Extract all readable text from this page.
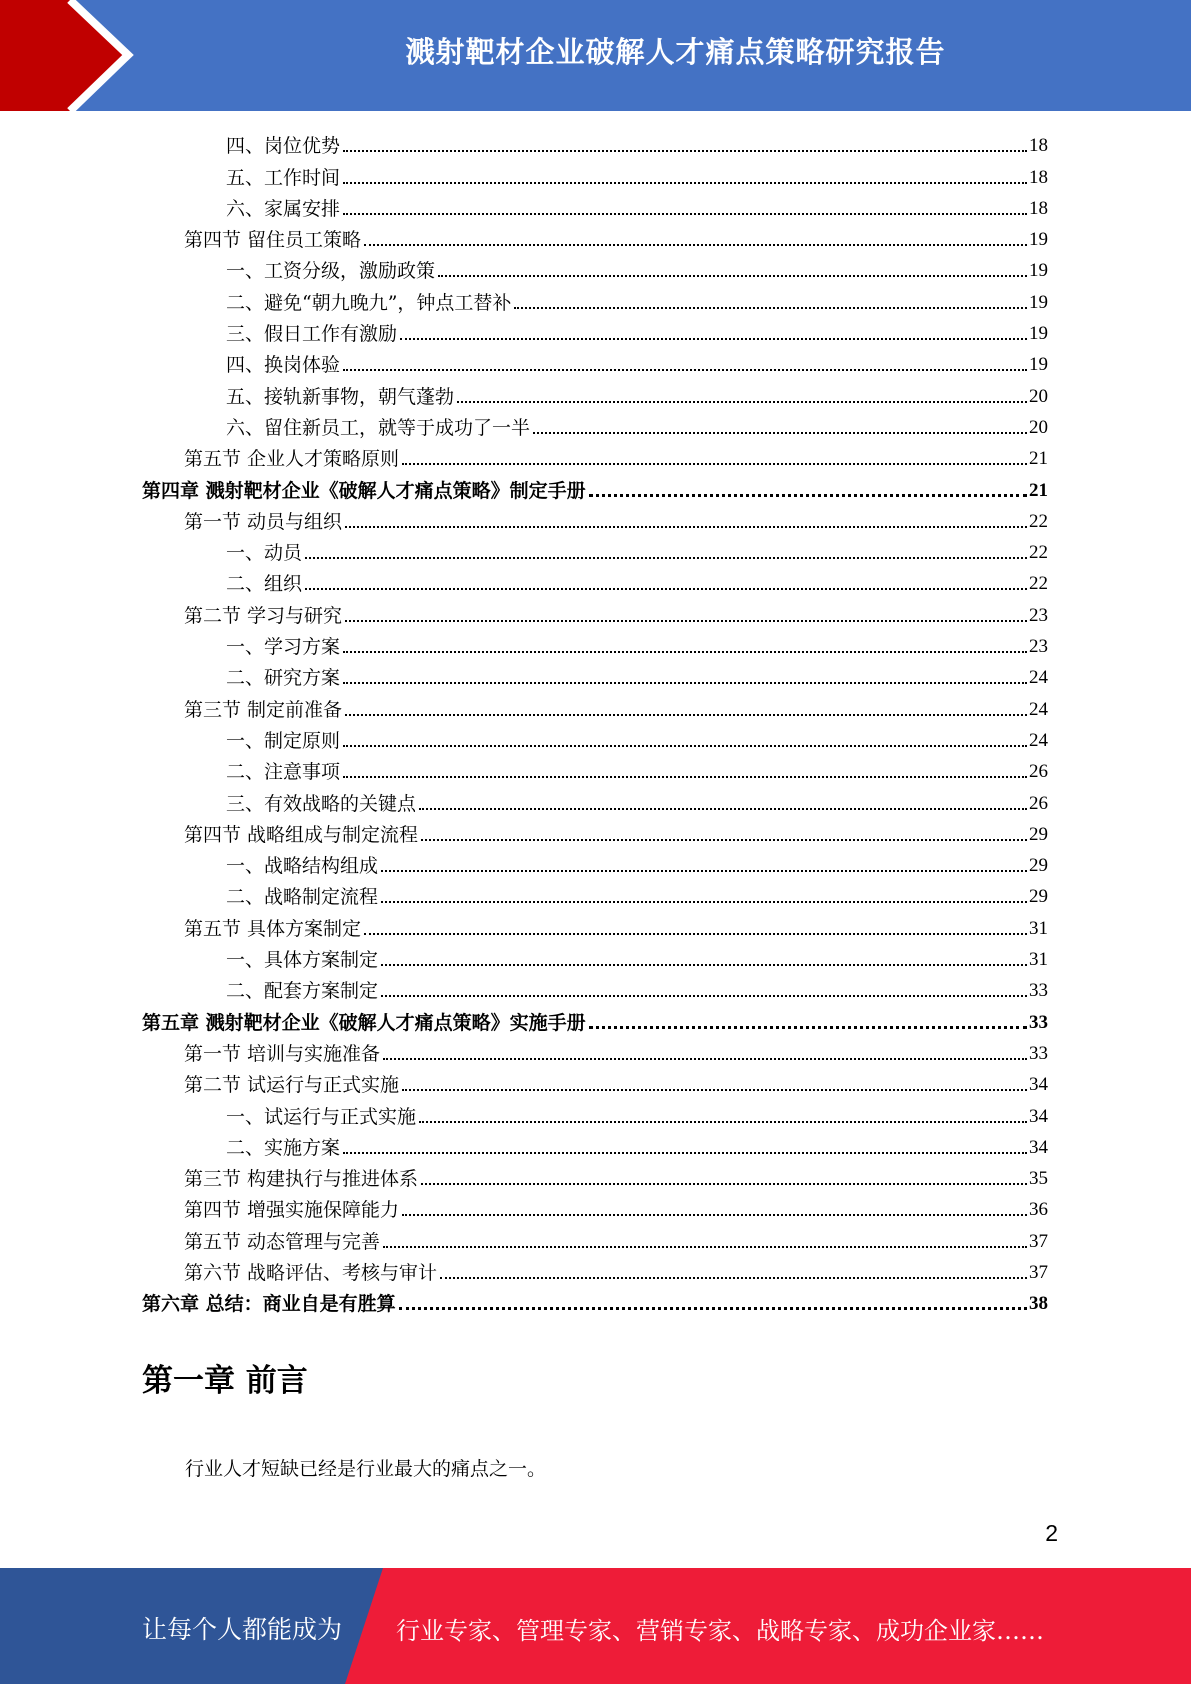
溅射靶材企业破解人才痛点策略研究报告
四、岗位优势	18
五、工作时间	18
六、家属安排	18
第四节 留住员工策略	19
一、工资分级，激励政策	19
二、避免“朝九晚九”，钟点工替补	19
三、假日工作有激励	19
四、换岗体验	19
五、接轨新事物，朝气蓬勃	20
六、留住新员工，就等于成功了一半	20
第五节 企业人才策略原则	21
第四章 溅射靶材企业《破解人才痛点策略》制定手册	21
第一节 动员与组织	22
一、动员	22
二、组织	22
第二节 学习与研究	23
一、学习方案	23
二、研究方案	24
第三节 制定前准备	24
一、制定原则	24
二、注意事项	26
三、有效战略的关键点	26
第四节 战略组成与制定流程	29
一、战略结构组成	29
二、战略制定流程	29
第五节 具体方案制定	31
一、具体方案制定	31
二、配套方案制定	33
第五章 溅射靶材企业《破解人才痛点策略》实施手册	33
第一节 培训与实施准备	33
第二节 试运行与正式实施	34
一、试运行与正式实施	34
二、实施方案	34
第三节 构建执行与推进体系	35
第四节 增强实施保障能力	36
第五节 动态管理与完善	37
第六节 战略评估、考核与审计	37
第六章 总结：商业自是有胜算	38
第一章 前言

行业人才短缺已经是行业最大的痛点之一。

2
让每个人都能成为 行业专家、管理专家、营销专家、战略专家、成功企业家……
